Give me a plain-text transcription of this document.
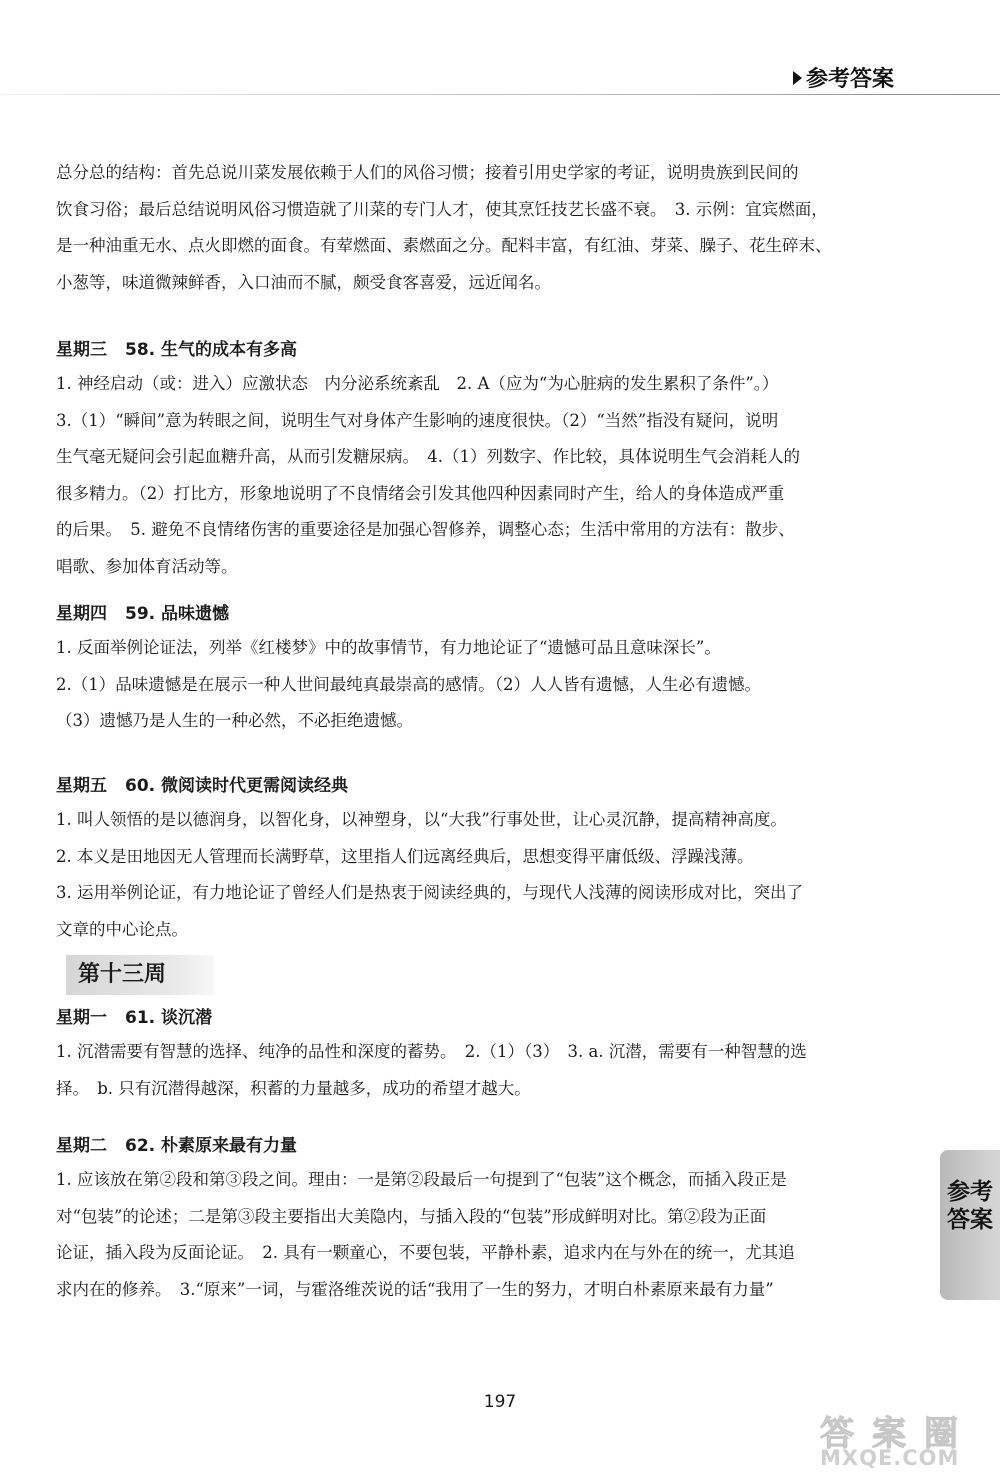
参考答案

总分总的结构：首先总说川菜发展依赖于人们的风俗习惯；接着引用史学家的考证，说明贵族到民间的
饮食习俗；最后总结说明风俗习惯造就了川菜的专门人才，使其烹饪技艺长盛不衰。　3. 示例：宜宾燃面，
是一种油重无水、点火即燃的面食。有荤燃面、素燃面之分。配料丰富，有红油、芽菜、臊子、花生碎末、
小葱等，味道微辣鲜香，入口油而不腻，颇受食客喜爱，远近闻名。

星期三 58. 生气的成本有多高

1. 神经启动（或：进入）应激状态　内分泌系统紊乱　2. A（应为“为心脏病的发生累积了条件”。）
3.（1）“瞬间”意为转眼之间，说明生气对身体产生影响的速度很快。（2）“当然”指没有疑问，说明
生气毫无疑问会引起血糖升高，从而引发糖尿病。　4.（1）列数字、作比较，具体说明生气会消耗人的
很多精力。（2）打比方，形象地说明了不良情绪会引发其他四种因素同时产生，给人的身体造成严重
的后果。　5. 避免不良情绪伤害的重要途径是加强心智修养，调整心态；生活中常用的方法有：散步、
唱歌、参加体育活动等。

星期四 59. 品味遗憾

1. 反面举例论证法，列举《红楼梦》中的故事情节，有力地论证了“遗憾可品且意味深长”。
2.（1）品味遗憾是在展示一种人世间最纯真最崇高的感情。（2）人人皆有遗憾，人生必有遗憾。
（3）遗憾乃是人生的一种必然，不必拒绝遗憾。

星期五 60. 微阅读时代更需阅读经典

1. 叫人领悟的是以德润身，以智化身，以神塑身，以“大我”行事处世，让心灵沉静，提高精神高度。
2. 本义是田地因无人管理而长满野草，这里指人们远离经典后，思想变得平庸低级、浮躁浅薄。
3. 运用举例论证，有力地论证了曾经人们是热衷于阅读经典的，与现代人浅薄的阅读形成对比，突出了
文章的中心论点。

第十三周

星期一 61. 谈沉潜

1. 沉潜需要有智慧的选择、纯净的品性和深度的蓄势。　2.（1）（3）　3. a. 沉潜，需要有一种智慧的选
择。　b. 只有沉潜得越深，积蓄的力量越多，成功的希望才越大。

星期二 62. 朴素原来最有力量

1. 应该放在第②段和第③段之间。理由：一是第②段最后一句提到了“包装”这个概念，而插入段正是
对“包装”的论述；二是第③段主要指出大美隐内，与插入段的“包装”形成鲜明对比。第②段为正面
论证，插入段为反面论证。　2. 具有一颗童心，不要包装，平静朴素，追求内在与外在的统一，尤其追
求内在的修养。　3.“原来”一词，与霍洛维茨说的话“我用了一生的努力，才明白朴素原来最有力量”

参考
答案
197
答 案 圈
MXQE.COM
